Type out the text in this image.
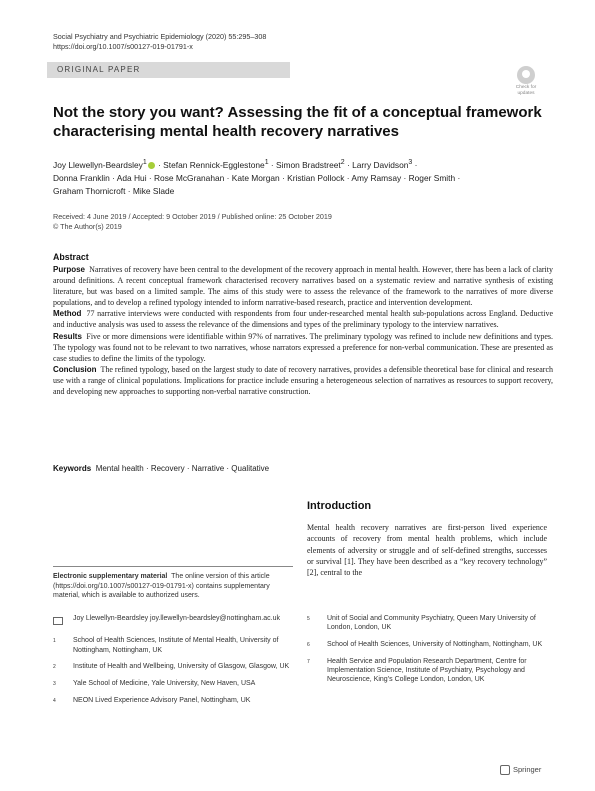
Social Psychiatry and Psychiatric Epidemiology (2020) 55:295–308
https://doi.org/10.1007/s00127-019-01791-x
ORIGINAL PAPER
Check for updates
Not the story you want? Assessing the fit of a conceptual framework characterising mental health recovery narratives
Joy Llewellyn-Beardsley$^1$ · Stefan Rennick-Egglestone$^1$ · Simon Bradstreet$^2$ · Larry Davidson$^3$ ·
Donna Franklin · Ada Hui · Rose McGranahan · Kate Morgan · Kristian Pollock · Amy Ramsay · Roger Smith ·
Graham Thornicroft · Mike Slade
Received: 4 June 2019 / Accepted: 9 October 2019 / Published online: 25 October 2019
© The Author(s) 2019
Abstract

Purpose Narratives of recovery have been central to the development of the recovery approach in mental health. However, there has been a lack of clarity around definitions. A recent conceptual framework characterised recovery narratives based on a systematic review and narrative synthesis of existing literature, but was based on a limited sample. The aims of this study were to assess the relevance of the framework to the narratives of more diverse populations, and to develop a refined typology intended to inform narrative-based research, practice and intervention development.

Method 77 narrative interviews were conducted with respondents from four under-researched mental health sub-populations across England. Deductive and inductive analysis was used to assess the relevance of the dimensions and types of the preliminary typology to the interview narratives.

Results Five or more dimensions were identifiable within 97% of narratives. The preliminary typology was refined to include new definitions and types. The typology was found not to be relevant to two narratives, whose narrators expressed a preference for non-verbal communication. These are presented as case studies to define the limits of the typology.

Conclusion The refined typology, based on the largest study to date of recovery narratives, provides a defensible theoretical base for clinical and research use with a range of clinical populations. Implications for practice include ensuring a heterogeneous selection of narratives as resources to support recovery, and developing new approaches to supporting non-verbal narrative construction.

Keywords Mental health · Recovery · Narrative · Qualitative
Introduction
Mental health recovery narratives are first-person lived experience accounts of recovery from mental health problems, which include elements of adversity or struggle and of self-defined strengths, successes or survival [1]. They have been described as a “key recovery technology” [2], central to the
Electronic supplementary material The online version of this article (https://doi.org/10.1007/s00127-019-01791-x) contains supplementary material, which is available to authorized users.
Joy Llewellyn-Beardsley joy.llewellyn-beardsley@nottingham.ac.uk
1	School of Health Sciences, Institute of Mental Health, University of Nottingham, Nottingham, UK
2	Institute of Health and Wellbeing, University of Glasgow, Glasgow, UK
3	Yale School of Medicine, Yale University, New Haven, USA
4	NEON Lived Experience Advisory Panel, Nottingham, UK
5	Unit of Social and Community Psychiatry, Queen Mary University of London, London, UK
6	School of Health Sciences, University of Nottingham, Nottingham, UK
7	Health Service and Population Research Department, Centre for Implementation Science, Institute of Psychiatry, Psychology and Neuroscience, King’s College London, London, UK
Springer
